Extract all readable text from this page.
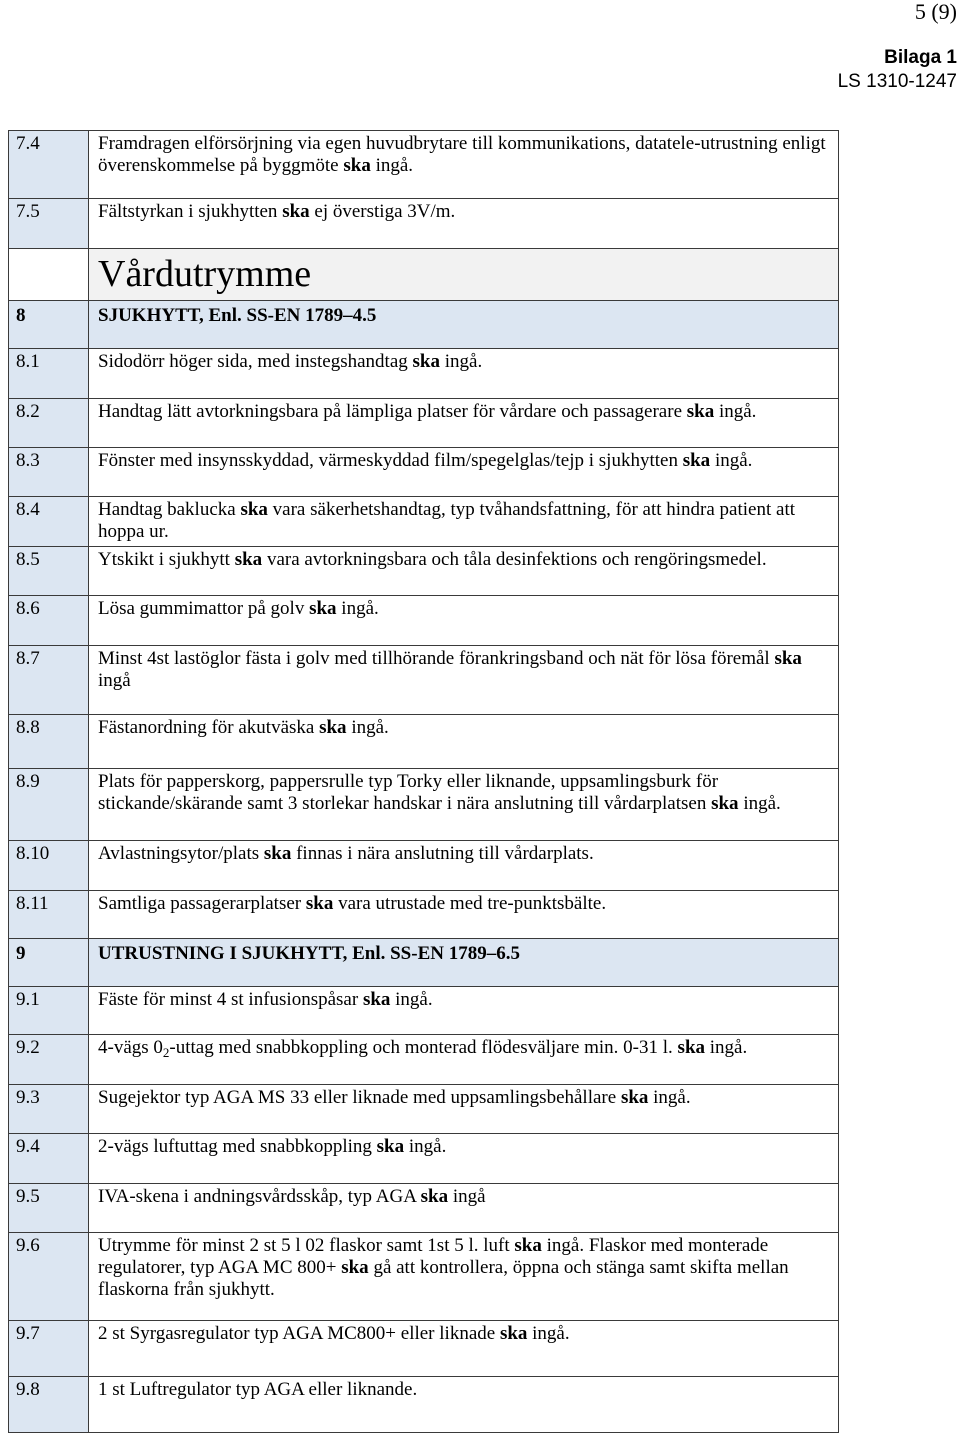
5 (9)
Bilaga 1
LS 1310-1247
7.4	Framdragen elförsörjning via egen huvudbrytare till kommunikations, datatele-utrustning enligt överenskommelse på byggmöte ska ingå.
7.5	Fältstyrkan i sjukhytten ska ej överstiga 3V/m.
	Vårdutrymme
8	SJUKHYTT, Enl. SS-EN 1789–4.5
8.1	Sidodörr höger sida, med instegshandtag ska ingå.
8.2	Handtag lätt avtorkningsbara på lämpliga platser för vårdare och passagerare ska ingå.
8.3	Fönster med insynsskyddad, värmeskyddad film/spegelglas/tejp i sjukhytten ska ingå.
8.4	Handtag baklucka ska vara säkerhetshandtag, typ tvåhandsfattning, för att hindra patient att hoppa ur.
8.5	Ytskikt i sjukhytt ska vara avtorkningsbara och tåla desinfektions och rengöringsmedel.
8.6	Lösa gummimattor på golv ska ingå.
8.7	Minst 4st lastöglor fästa i golv med tillhörande förankringsband och nät för lösa föremål ska ingå
8.8	Fästanordning för akutväska ska ingå.
8.9	Plats för papperskorg, pappersrulle typ Torky eller liknande, uppsamlingsburk för stickande/skärande samt 3 storlekar handskar i nära anslutning till vårdarplatsen ska ingå.
8.10	Avlastningsytor/plats ska finnas i nära anslutning till vårdarplats.
8.11	Samtliga passagerarplatser ska vara utrustade med tre-punktsbälte.
9	UTRUSTNING I SJUKHYTT, Enl. SS-EN 1789–6.5
9.1	Fäste för minst 4 st infusionspåsar ska ingå.
9.2	4-vägs $0_2$-uttag med snabbkoppling och monterad flödesväljare min. 0-31 l. ska ingå.
9.3	Sugejektor typ AGA MS 33 eller liknade med uppsamlingsbehållare ska ingå.
9.4	2-vägs luftuttag med snabbkoppling ska ingå.
9.5	IVA-skena i andningsvårdsskåp, typ AGA ska ingå
9.6	Utrymme för minst 2 st 5 l 02 flaskor samt 1st 5 l. luft ska ingå. Flaskor med monterade regulatorer, typ AGA MC 800+ ska gå att kontrollera, öppna och stänga samt skifta mellan flaskorna från sjukhytt.
9.7	2 st Syrgasregulator typ AGA MC800+ eller liknade ska ingå.
9.8	1 st Luftregulator typ AGA eller liknande.
